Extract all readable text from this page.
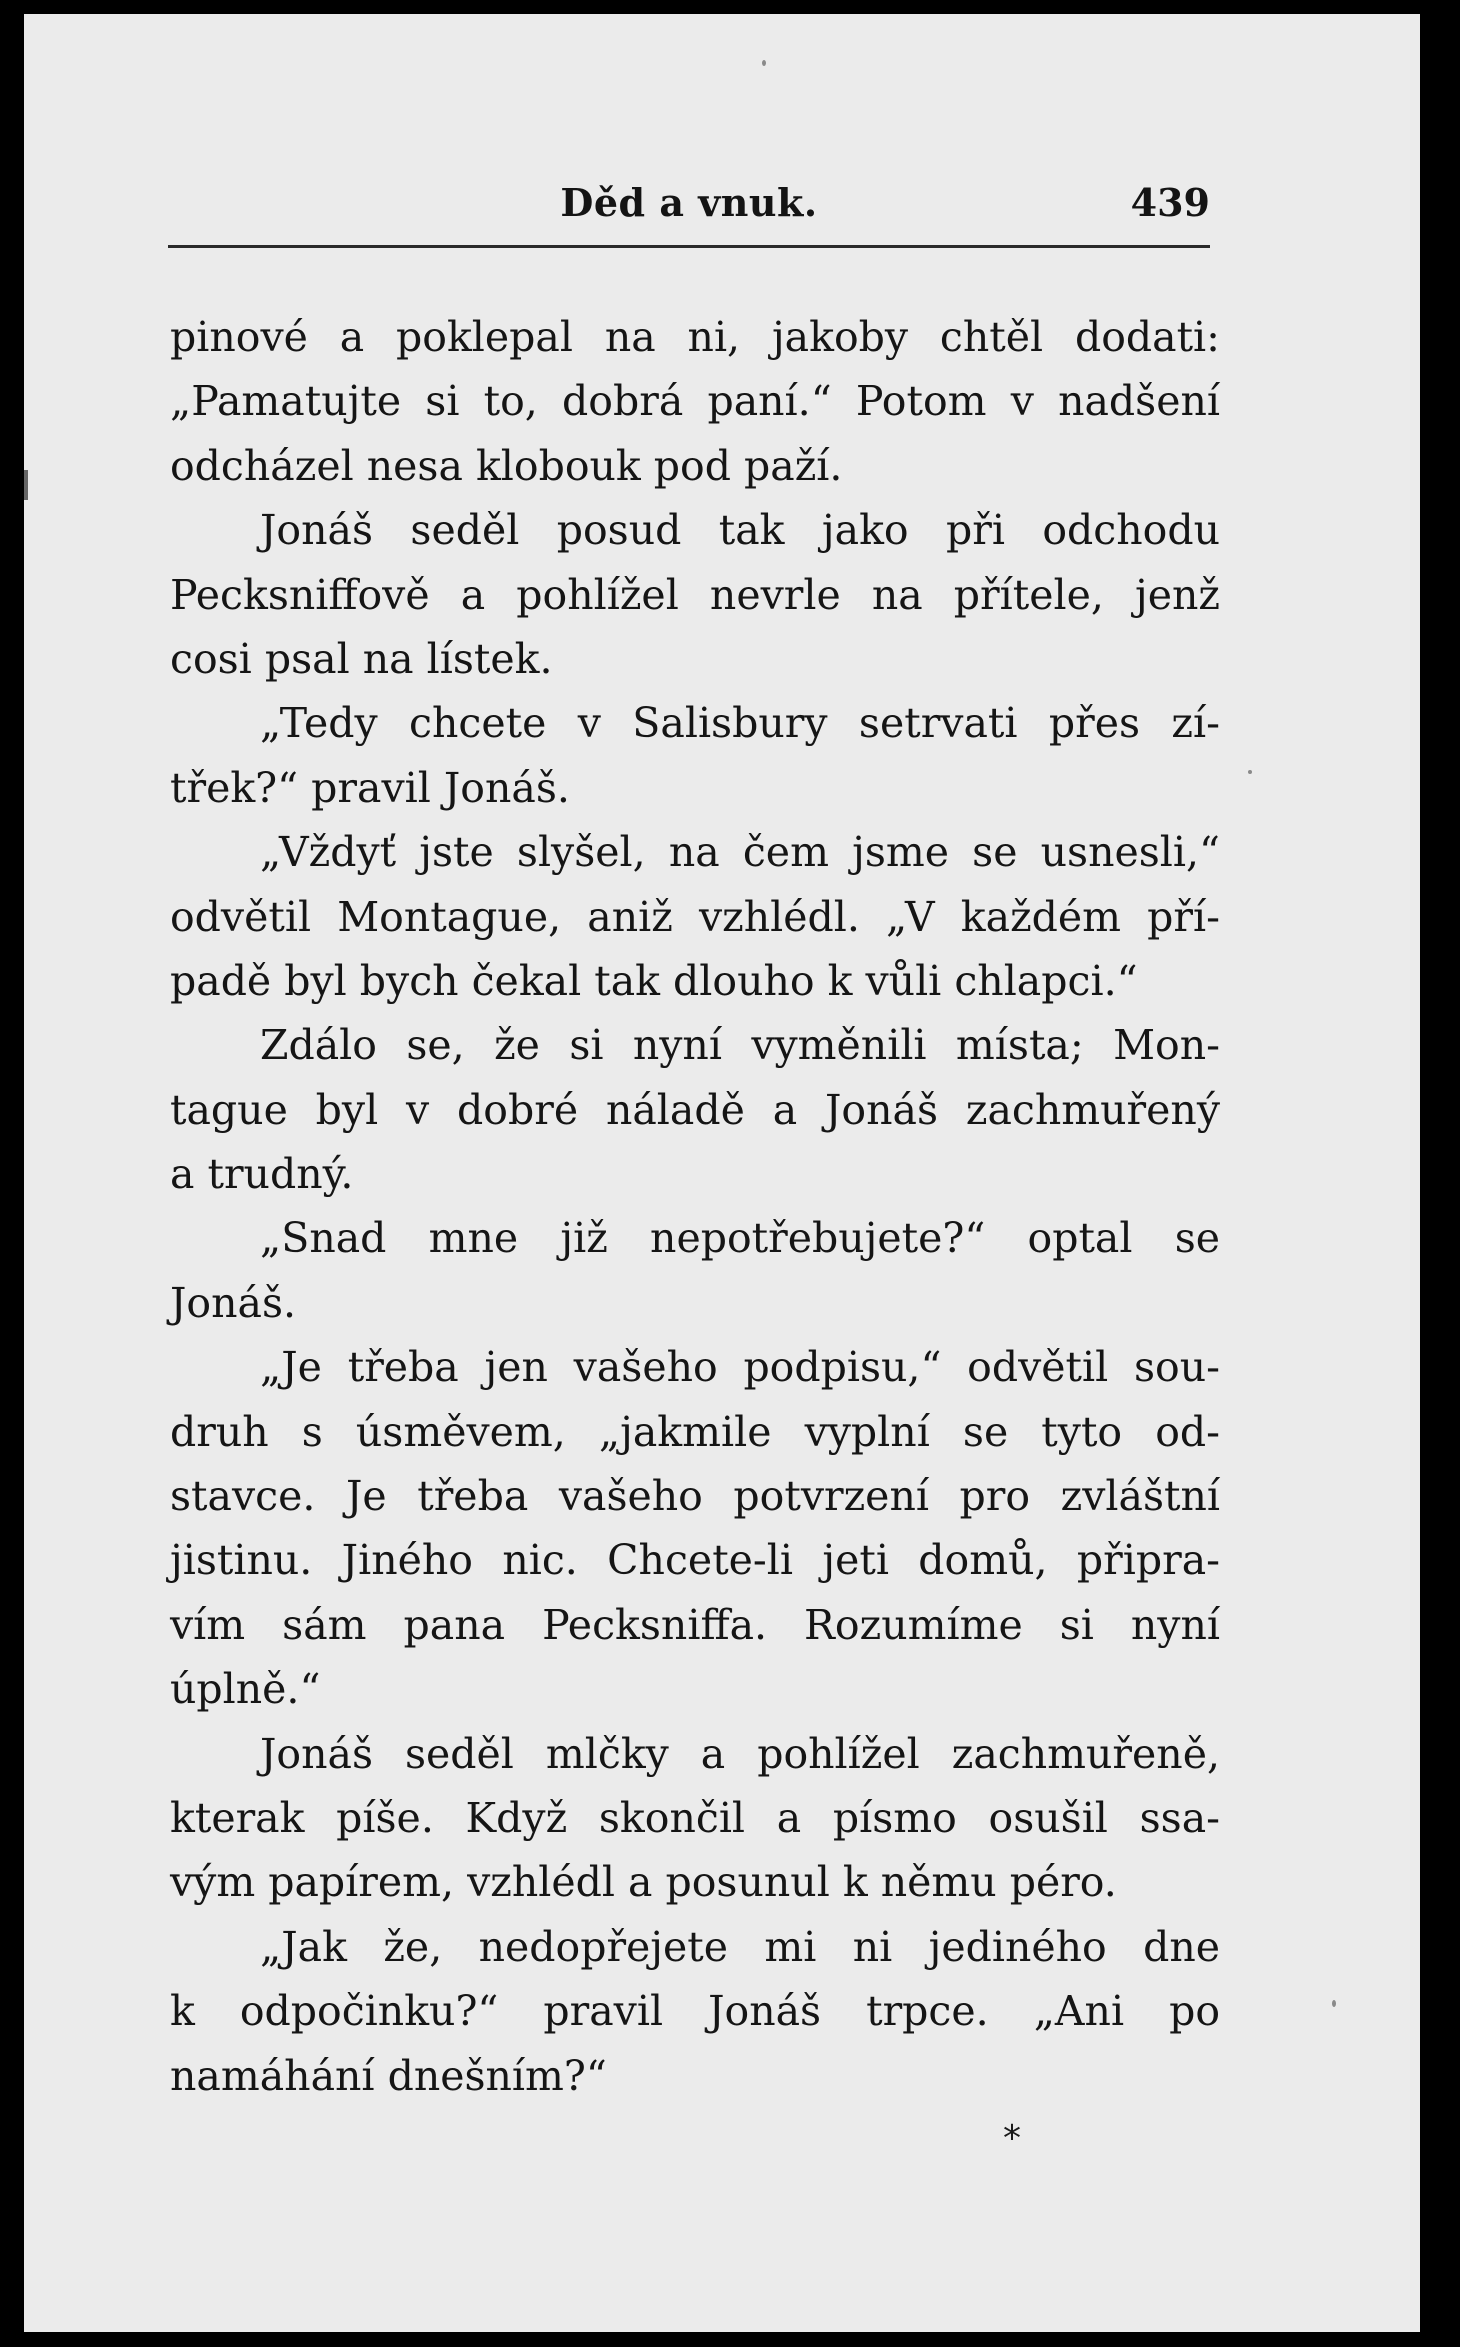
Děd a vnuk.	439
pinové a poklepal na ni, jakoby chtěl dodati:
„Pamatujte si to, dobrá paní.“ Potom v nadšení
odcházel nesa klobouk pod paží.
Jonáš seděl posud tak jako při odchodu
Pecksniffově a pohlížel nevrle na přítele, jenž
cosi psal na lístek.
„Tedy chcete v Salisbury setrvati přes zí-
třek?“ pravil Jonáš.
„Vždyť jste slyšel, na čem jsme se usnesli,“
odvětil Montague, aniž vzhlédl. „V každém pří-
padě byl bych čekal tak dlouho k vůli chlapci.“
Zdálo se, že si nyní vyměnili místa; Mon-
tague byl v dobré náladě a Jonáš zachmuřený
a trudný.
„Snad mne již nepotřebujete?“ optal se
Jonáš.
„Je třeba jen vašeho podpisu,“ odvětil sou-
druh s úsměvem, „jakmile vyplní se tyto od-
stavce. Je třeba vašeho potvrzení pro zvláštní
jistinu. Jiného nic. Chcete-li jeti domů, připra-
vím sám pana Pecksniffa. Rozumíme si nyní
úplně.“
Jonáš seděl mlčky a pohlížel zachmuřeně,
kterak píše. Když skončil a písmo osušil ssa-
vým papírem, vzhlédl a posunul k němu péro.
„Jak že, nedopřejete mi ni jediného dne
k odpočinku?“ pravil Jonáš trpce. „Ani po
namáhání dnešním?“
*
